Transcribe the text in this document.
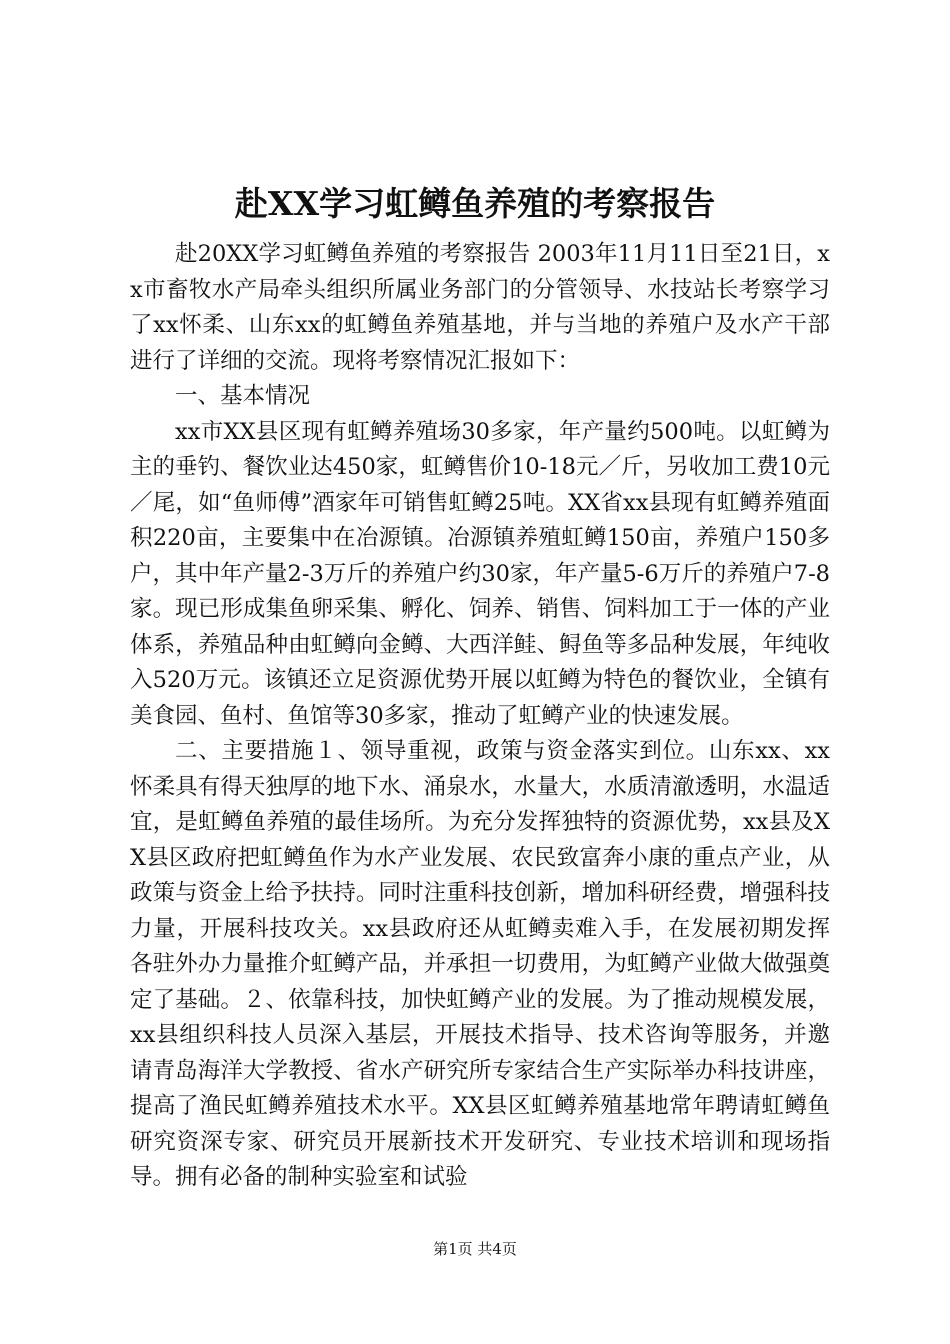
赴XX学习虹鳟鱼养殖的考察报告

赴20XX学习虹鳟鱼养殖的考察报告 2003年11月11日至21日，xx市畜牧水产局牵头组织所属业务部门的分管领导、水技站长考察学习了xx怀柔、山东xx的虹鳟鱼养殖基地，并与当地的养殖户及水产干部进行了详细的交流。现将考察情况汇报如下：

一、基本情况

xx市XX县区现有虹鳟养殖场30多家，年产量约500吨。以虹鳟为主的垂钓、餐饮业达450家，虹鳟售价10-18元／斤，另收加工费10元／尾，如“鱼师傅”酒家年可销售虹鳟25吨。XX省xx县现有虹鳟养殖面积220亩，主要集中在冶源镇。冶源镇养殖虹鳟150亩，养殖户150多户，其中年产量2-3万斤的养殖户约30家，年产量5-6万斤的养殖户7-8家。现已形成集鱼卵采集、孵化、饲养、销售、饲料加工于一体的产业体系，养殖品种由虹鳟向金鳟、大西洋鲑、鲟鱼等多品种发展，年纯收入520万元。该镇还立足资源优势开展以虹鳟为特色的餐饮业，全镇有美食园、鱼村、鱼馆等30多家，推动了虹鳟产业的快速发展。

二、主要措施１、领导重视，政策与资金落实到位。山东xx、xx怀柔具有得天独厚的地下水、涌泉水，水量大，水质清澈透明，水温适宜，是虹鳟鱼养殖的最佳场所。为充分发挥独特的资源优势，xx县及XX县区政府把虹鳟鱼作为水产业发展、农民致富奔小康的重点产业，从政策与资金上给予扶持。同时注重科技创新，增加科研经费，增强科技力量，开展科技攻关。xx县政府还从虹鳟卖难入手，在发展初期发挥各驻外办力量推介虹鳟产品，并承担一切费用，为虹鳟产业做大做强奠定了基础。２、依靠科技，加快虹鳟产业的发展。为了推动规模发展，xx县组织科技人员深入基层，开展技术指导、技术咨询等服务，并邀请青岛海洋大学教授、省水产研究所专家结合生产实际举办科技讲座，提高了渔民虹鳟养殖技术水平。XX县区虹鳟养殖基地常年聘请虹鳟鱼研究资深专家、研究员开展新技术开发研究、专业技术培训和现场指导。拥有必备的制种实验室和试验

第1页 共4页
